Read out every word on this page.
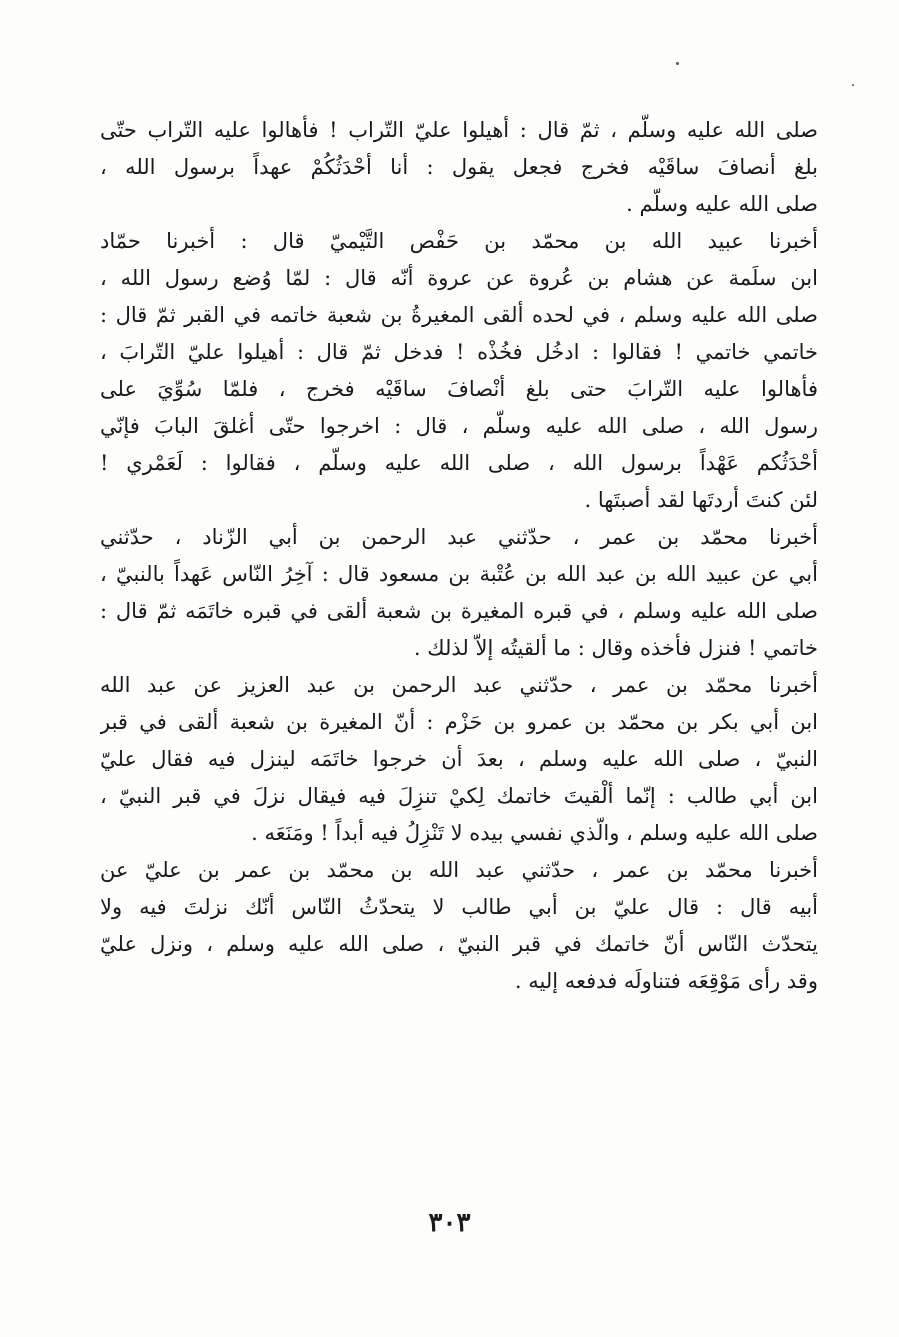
صلى الله عليه وسلّم ، ثمّ قال : أهيلوا عليّ التّراب ! فأهالوا عليه التّراب حتّى
بلغ أنصافَ ساقَيْه فخرج فجعل يقول : أنا أحْدَثُكُمْ عهداً برسول الله ،
صلى الله عليه وسلّم .
أخبرنا عبيد الله بن محمّد بن حَفْص التَّيْميّ قال : أخبرنا حمّاد
ابن سلَمة عن هشام بن عُروة عن عروة أنّه قال : لمّا وُضع رسول الله ،
صلى الله عليه وسلم ، في لحده ألقى المغيرةُ بن شعبة خاتمه في القبر ثمّ قال :
خاتمي خاتمي ! فقالوا : ادخُل فخُذْه ! فدخل ثمّ قال : أهيلوا عليّ التّرابَ ،
فأهالوا عليه التّرابَ حتى بلغ أنْصافَ ساقَيْه فخرج ، فلمّا سُوِّيَ على
رسول الله ، صلى الله عليه وسلّم ، قال : اخرجوا حتّى أغلقَ البابَ فإنّي
أحْدَثُكم عَهْداً برسول الله ، صلى الله عليه وسلّم ، فقالوا : لَعَمْري !
لئن كنتَ أردتَها لقد أصبتَها .
أخبرنا محمّد بن عمر ، حدّثني عبد الرحمن بن أبي الزّناد ، حدّثني
أبي عن عبيد الله بن عبد الله بن عُتْبة بن مسعود قال : آخِرُ النّاس عَهداً بالنبيّ ،
صلى الله عليه وسلم ، في قبره المغيرة بن شعبة ألقى في قبره خاتَمَه ثمّ قال :
خاتمي ! فنزل فأخذه وقال : ما ألقيتُه إلاّ لذلك .
أخبرنا محمّد بن عمر ، حدّثني عبد الرحمن بن عبد العزيز عن عبد الله
ابن أبي بكر بن محمّد بن عمرو بن حَزْم : أنّ المغيرة بن شعبة ألقى في قبر
النبيّ ، صلى الله عليه وسلم ، بعدَ أن خرجوا خاتَمَه لينزل فيه فقال عليّ
ابن أبي طالب : إنّما ألْقيتَ خاتمك لِكيْ تنزِلَ فيه فيقال نزلَ في قبر النبيّ ،
صلى الله عليه وسلم ، والّذي نفسي بيده لا تَنْزِلُ فيه أبداً ! ومَنَعَه .
أخبرنا محمّد بن عمر ، حدّثني عبد الله بن محمّد بن عمر بن عليّ عن
أبيه قال : قال عليّ بن أبي طالب لا يتحدّثُ النّاس أنّك نزلتَ فيه ولا
يتحدّث النّاس أنّ خاتمك في قبر النبيّ ، صلى الله عليه وسلم ، ونزل عليّ
وقد رأى مَوْقِعَه فتناولَه فدفعه إليه .
٣٠٣
